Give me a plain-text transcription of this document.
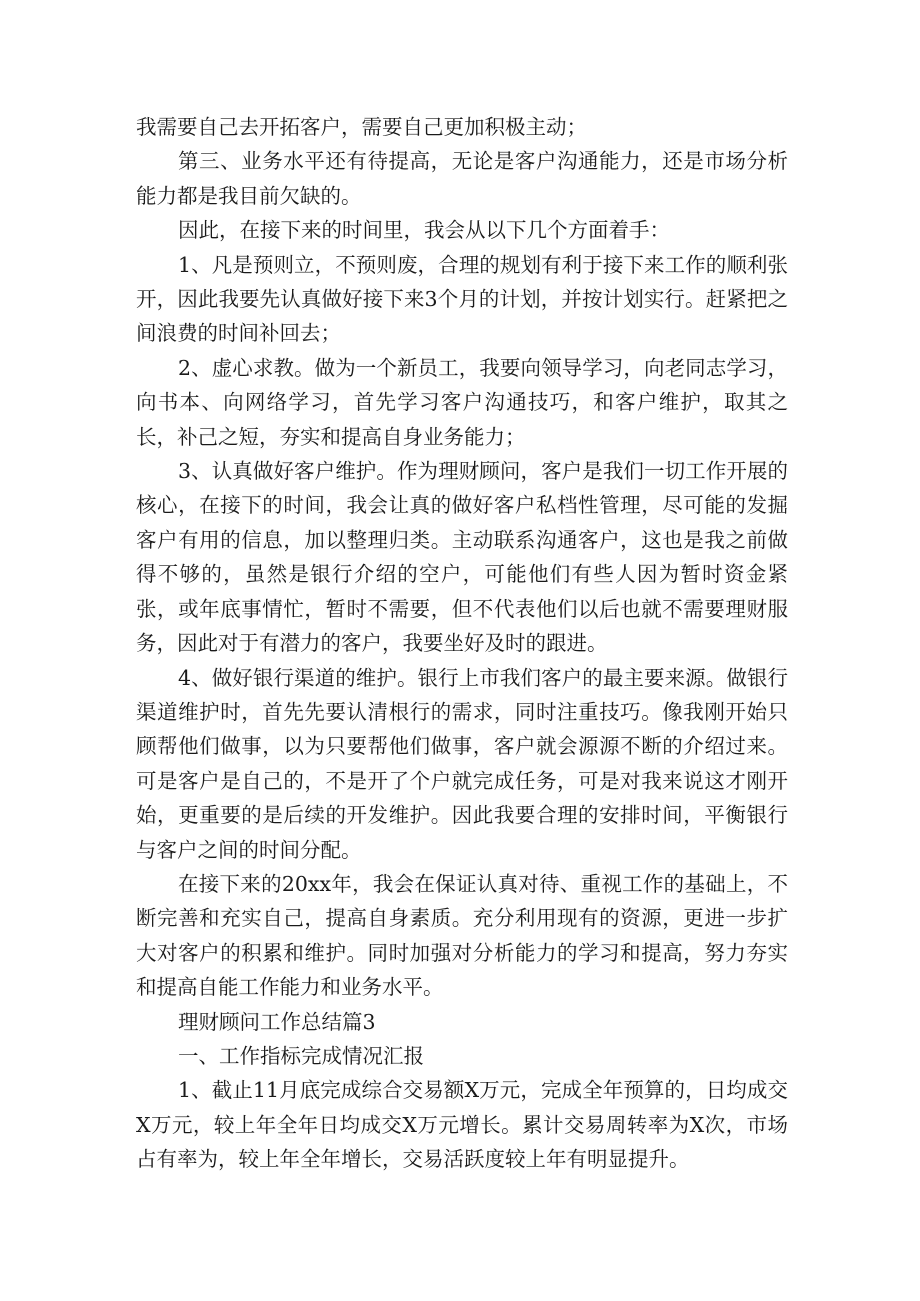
我需要自己去开拓客户，需要自己更加积极主动；

第三、业务水平还有待提高，无论是客户沟通能力，还是市场分析能力都是我目前欠缺的。

因此，在接下来的时间里，我会从以下几个方面着手：

1、凡是预则立，不预则废，合理的规划有利于接下来工作的顺利张开，因此我要先认真做好接下来3个月的计划，并按计划实行。赶紧把之间浪费的时间补回去；

2、虚心求教。做为一个新员工，我要向领导学习，向老同志学习，向书本、向网络学习，首先学习客户沟通技巧，和客户维护，取其之长，补己之短，夯实和提高自身业务能力；

3、认真做好客户维护。作为理财顾问，客户是我们一切工作开展的核心，在接下的时间，我会让真的做好客户私档性管理，尽可能的发掘客户有用的信息，加以整理归类。主动联系沟通客户，这也是我之前做得不够的，虽然是银行介绍的空户，可能他们有些人因为暂时资金紧张，或年底事情忙，暂时不需要，但不代表他们以后也就不需要理财服务，因此对于有潜力的客户，我要坐好及时的跟进。

4、做好银行渠道的维护。银行上市我们客户的最主要来源。做银行渠道维护时，首先先要认清根行的需求，同时注重技巧。像我刚开始只顾帮他们做事，以为只要帮他们做事，客户就会源源不断的介绍过来。可是客户是自己的，不是开了个户就完成任务，可是对我来说这才刚开始，更重要的是后续的开发维护。因此我要合理的安排时间，平衡银行与客户之间的时间分配。

在接下来的20xx年，我会在保证认真对待、重视工作的基础上，不断完善和充实自己，提高自身素质。充分利用现有的资源，更进一步扩大对客户的积累和维护。同时加强对分析能力的学习和提高，努力夯实和提高自能工作能力和业务水平。

理财顾问工作总结篇3

一、工作指标完成情况汇报

1、截止11月底完成综合交易额X万元，完成全年预算的，日均成交X万元，较上年全年日均成交X万元增长。累计交易周转率为X次，市场占有率为，较上年全年增长，交易活跃度较上年有明显提升。
